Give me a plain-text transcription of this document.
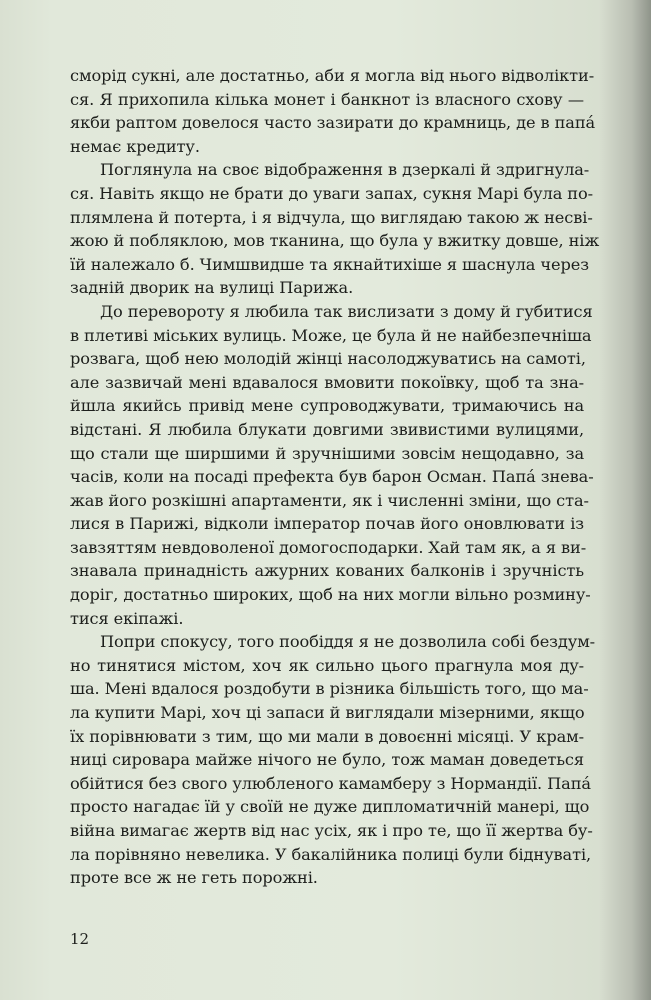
сморід сукні, але достатньо, аби я могла від нього відволікти-
ся. Я прихопила кілька монет і банкнот із власного схову —
якби раптом довелося часто зазирати до крамниць, де в папá
немає кредиту.
Поглянула на своє відображення в дзеркалі й здригнула-
ся. Навіть якщо не брати до уваги запах, сукня Марі була по-
плямлена й потерта, і я відчула, що виглядаю такою ж несві-
жою й побляклою, мов тканина, що була у вжитку довше, ніж
їй належало б. Чимшвидше та якнайтихіше я шаснула через
задній дворик на вулиці Парижа.
До перевороту я любила так вислизати з дому й губитися
в плетиві міських вулиць. Може, це була й не найбезпечніша
розвага, щоб нею молодій жінці насолоджуватись на самоті,
але зазвичай мені вдавалося вмовити покоївку, щоб та зна-
йшла якийсь привід мене супроводжувати, тримаючись на
відстані. Я любила блукати довгими звивистими вулицями,
що стали ще ширшими й зручнішими зовсім нещодавно, за
часів, коли на посаді префекта був барон Осман. Папá знева-
жав його розкішні апартаменти, як і численні зміни, що ста-
лися в Парижі, відколи імператор почав його оновлювати із
завзяттям невдоволеної домогосподарки. Хай там як, а я ви-
знавала принадність ажурних кованих балконів і зручність
доріг, достатньо широких, щоб на них могли вільно розмину-
тися екіпажі.
Попри спокусу, того пообіддя я не дозволила собі бездум-
но тинятися містом, хоч як сильно цього прагнула моя ду-
ша. Мені вдалося роздобути в різника більшість того, що ма-
ла купити Марі, хоч ці запаси й виглядали мізерними, якщо
їх порівнювати з тим, що ми мали в довоєнні місяці. У крам-
ниці сировара майже нічого не було, тож маман доведеться
обійтися без свого улюбленого камамберу з Нормандії. Папá
просто нагадає їй у своїй не дуже дипломатичній манері, що
війна вимагає жертв від нас усіх, як і про те, що її жертва бу-
ла порівняно невелика. У бакалійника полиці були біднуваті,
проте все ж не геть порожні.
12
